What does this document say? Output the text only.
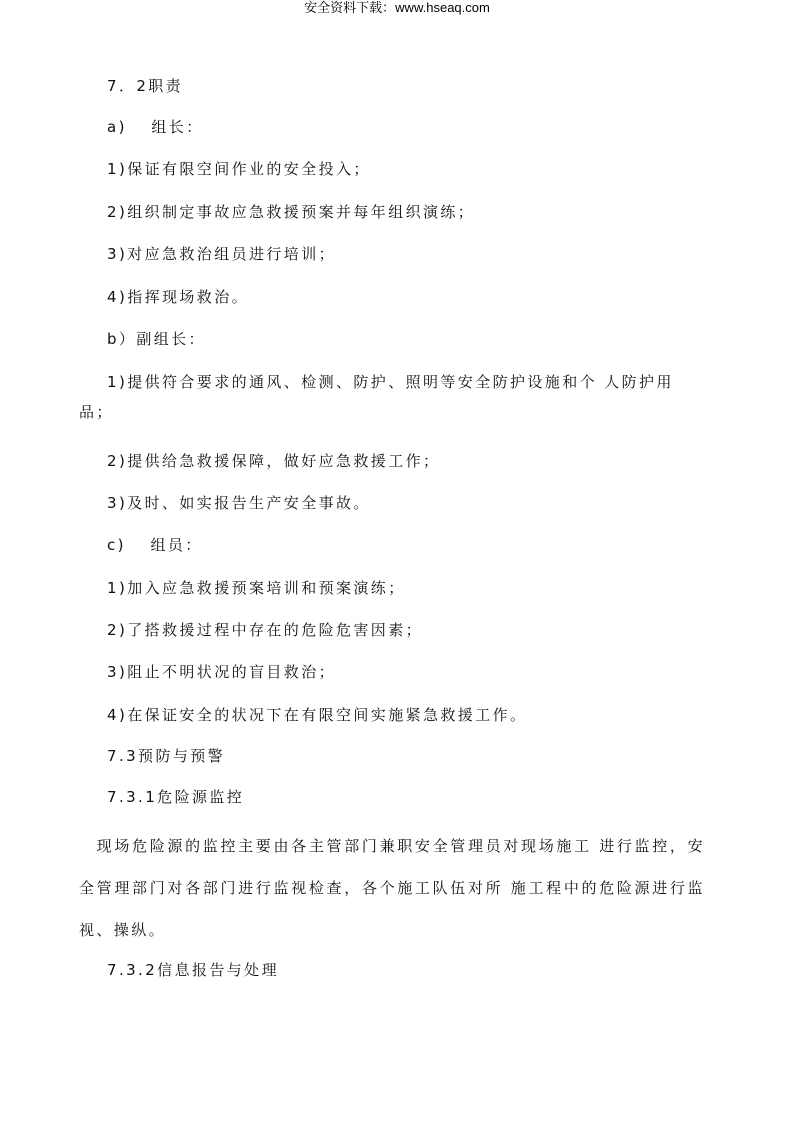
安全资料下载：www.hseaq.com
7．2职责
a)　 组长：
1)保证有限空间作业的安全投入；
2)组织制定事故应急救援预案并每年组织演练；
3)对应急救治组员进行培训；
4)指挥现场救治。
b）副组长：
1)提供符合要求的通风、检测、防护、照明等安全防护设施和个 人防护用
品；
2)提供给急救援保障，做好应急救援工作；
3)及时、如实报告生产安全事故。
c)　 组员：
1)加入应急救援预案培训和预案演练；
2)了搭救援过程中存在的危险危害因素；
3)阻止不明状况的盲目救治；
4)在保证安全的状况下在有限空间实施紧急救援工作。
7.3预防与预警
7.3.1危险源监控
　现场危险源的监控主要由各主管部门兼职安全管理员对现场施工 进行监控，安全管理部门对各部门进行监视检查，各个施工队伍对所 施工程中的危险源进行监视、操纵。
7.3.2信息报告与处理
